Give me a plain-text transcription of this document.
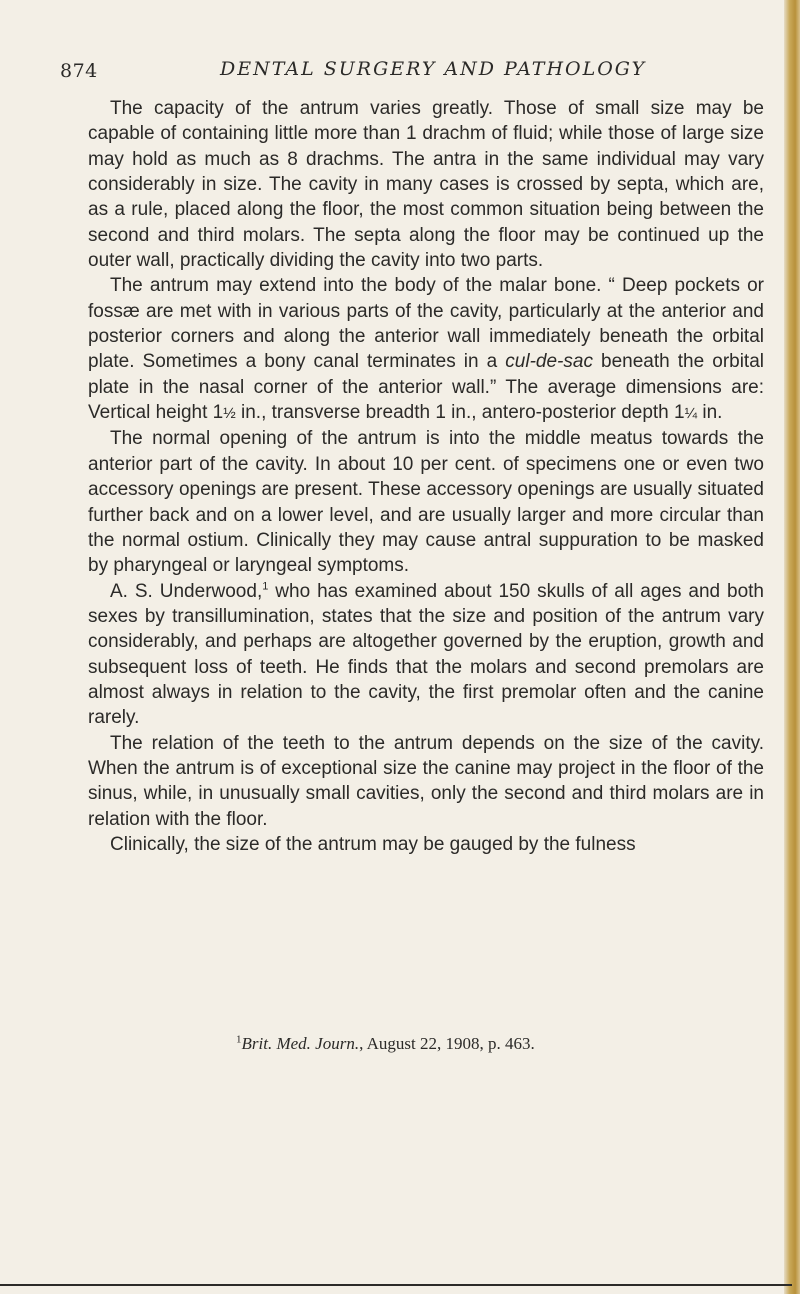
874	DENTAL SURGERY AND PATHOLOGY

The capacity of the antrum varies greatly. Those of small size may be capable of containing little more than 1 drachm of fluid; while those of large size may hold as much as 8 drachms. The antra in the same individual may vary considerably in size. The cavity in many cases is crossed by septa, which are, as a rule, placed along the floor, the most common situation being between the second and third molars. The septa along the floor may be continued up the outer wall, practically dividing the cavity into two parts.

The antrum may extend into the body of the malar bone. “ Deep pockets or fossæ are met with in various parts of the cavity, particularly at the anterior and posterior corners and along the anterior wall immediately beneath the orbital plate. Sometimes a bony canal terminates in a cul-de-sac beneath the orbital plate in the nasal corner of the anterior wall.” The average dimensions are: Vertical height 1½ in., transverse breadth 1 in., antero-posterior depth 1¼ in.

The normal opening of the antrum is into the middle meatus towards the anterior part of the cavity. In about 10 per cent. of specimens one or even two accessory openings are present. These accessory openings are usually situated further back and on a lower level, and are usually larger and more circular than the normal ostium. Clinically they may cause antral suppuration to be masked by pharyngeal or laryngeal symptoms.

A. S. Underwood,$^1$ who has examined about 150 skulls of all ages and both sexes by transillumination, states that the size and position of the antrum vary considerably, and perhaps are altogether governed by the eruption, growth and subsequent loss of teeth. He finds that the molars and second premolars are almost always in relation to the cavity, the first premolar often and the canine rarely.

The relation of the teeth to the antrum depends on the size of the cavity. When the antrum is of exceptional size the canine may project in the floor of the sinus, while, in unusually small cavities, only the second and third molars are in relation with the floor.

Clinically, the size of the antrum may be gauged by the fulness

$^1$Brit. Med. Journ., August 22, 1908, p. 463.
